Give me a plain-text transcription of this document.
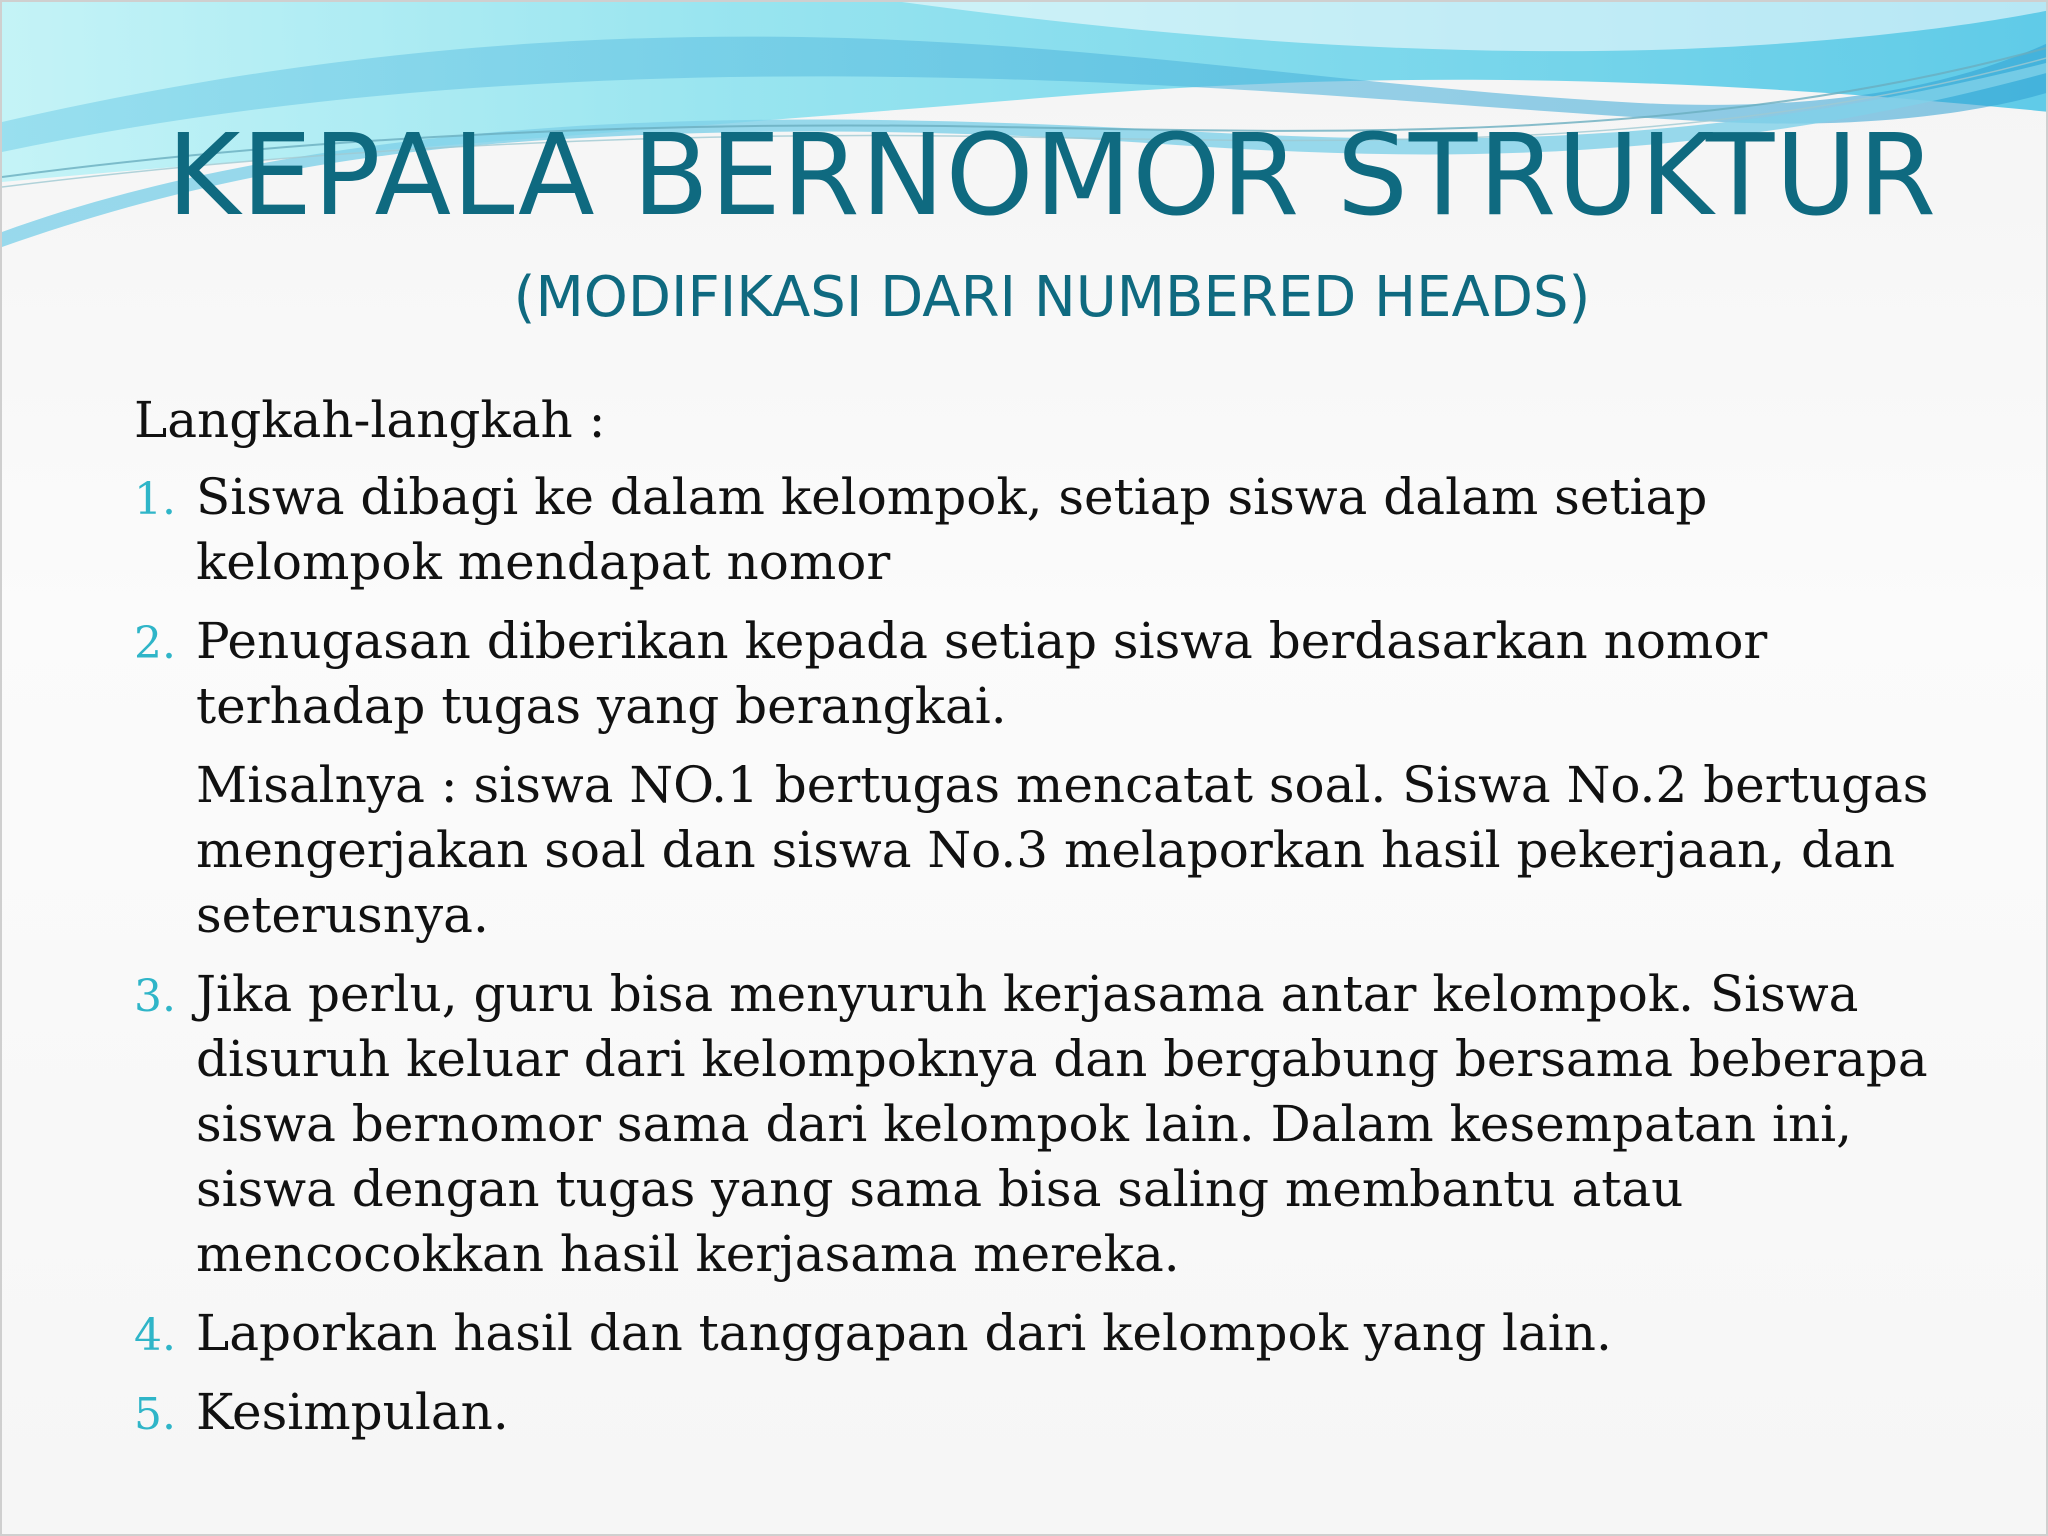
KEPALA BERNOMOR STRUKTUR
(MODIFIKASI DARI NUMBERED HEADS)
Langkah-langkah :
1. Siswa dibagi ke dalam kelompok, setiap siswa dalam setiap kelompok mendapat nomor
2. Penugasan diberikan kepada setiap siswa berdasarkan nomor terhadap tugas yang berangkai.
Misalnya : siswa NO.1 bertugas mencatat soal. Siswa No.2 bertugas mengerjakan soal dan siswa No.3 melaporkan hasil pekerjaan, dan seterusnya.
3. Jika perlu, guru bisa menyuruh kerjasama antar kelompok. Siswa disuruh keluar dari kelompoknya dan bergabung bersama beberapa siswa bernomor sama dari kelompok lain. Dalam kesempatan ini, siswa dengan tugas yang sama bisa saling membantu atau mencocokkan hasil kerjasama mereka.
4. Laporkan hasil dan tanggapan dari kelompok yang lain.
5. Kesimpulan.
